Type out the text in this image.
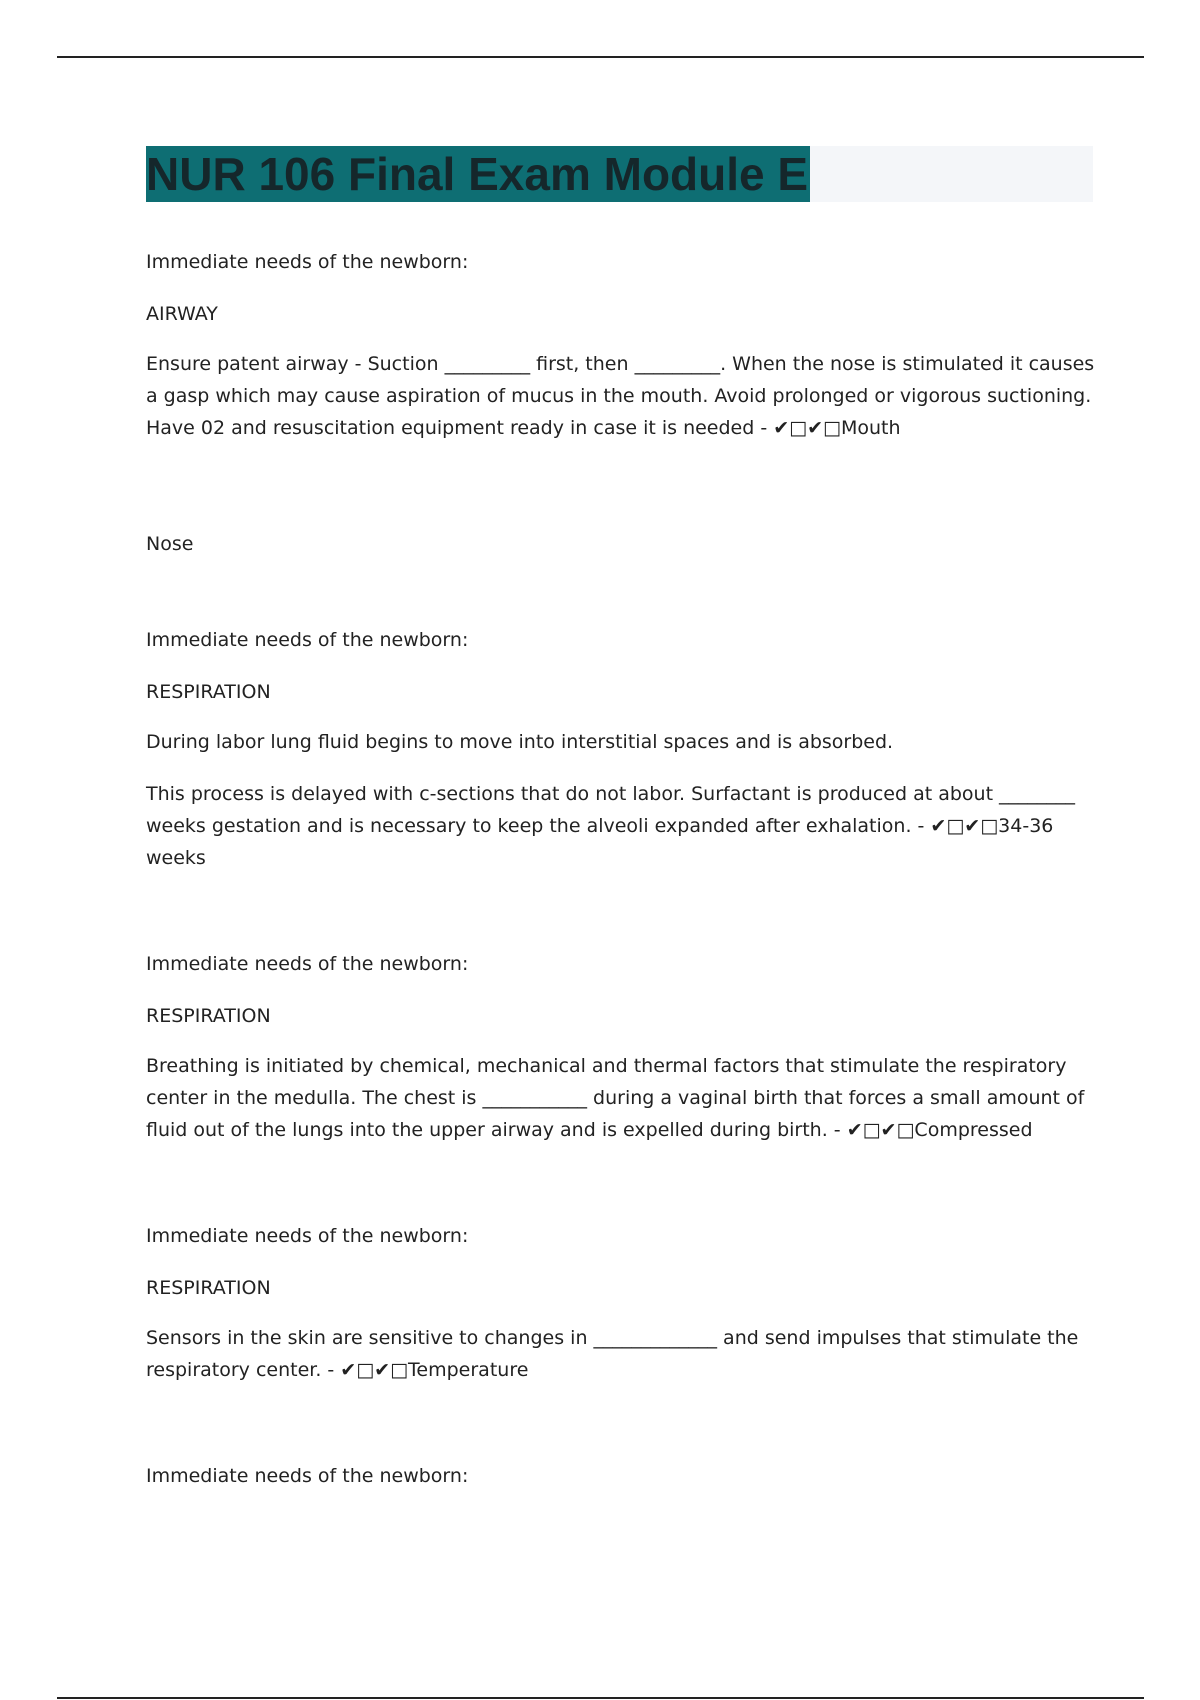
NUR 106 Final Exam Module E

Immediate needs of the newborn:

AIRWAY

Ensure patent airway - Suction _________ first, then _________. When the nose is stimulated it causes a gasp which may cause aspiration of mucus in the mouth. Avoid prolonged or vigorous suctioning. Have 02 and resuscitation equipment ready in case it is needed - ✔□✔□Mouth

Nose

Immediate needs of the newborn:

RESPIRATION

During labor lung fluid begins to move into interstitial spaces and is absorbed.

This process is delayed with c-sections that do not labor. Surfactant is produced at about ________ weeks gestation and is necessary to keep the alveoli expanded after exhalation. - ✔□✔□34-36 weeks

Immediate needs of the newborn:

RESPIRATION

Breathing is initiated by chemical, mechanical and thermal factors that stimulate the respiratory center in the medulla. The chest is ___________ during a vaginal birth that forces a small amount of fluid out of the lungs into the upper airway and is expelled during birth. - ✔□✔□Compressed

Immediate needs of the newborn:

RESPIRATION

Sensors in the skin are sensitive to changes in _____________ and send impulses that stimulate the respiratory center. - ✔□✔□Temperature

Immediate needs of the newborn:
